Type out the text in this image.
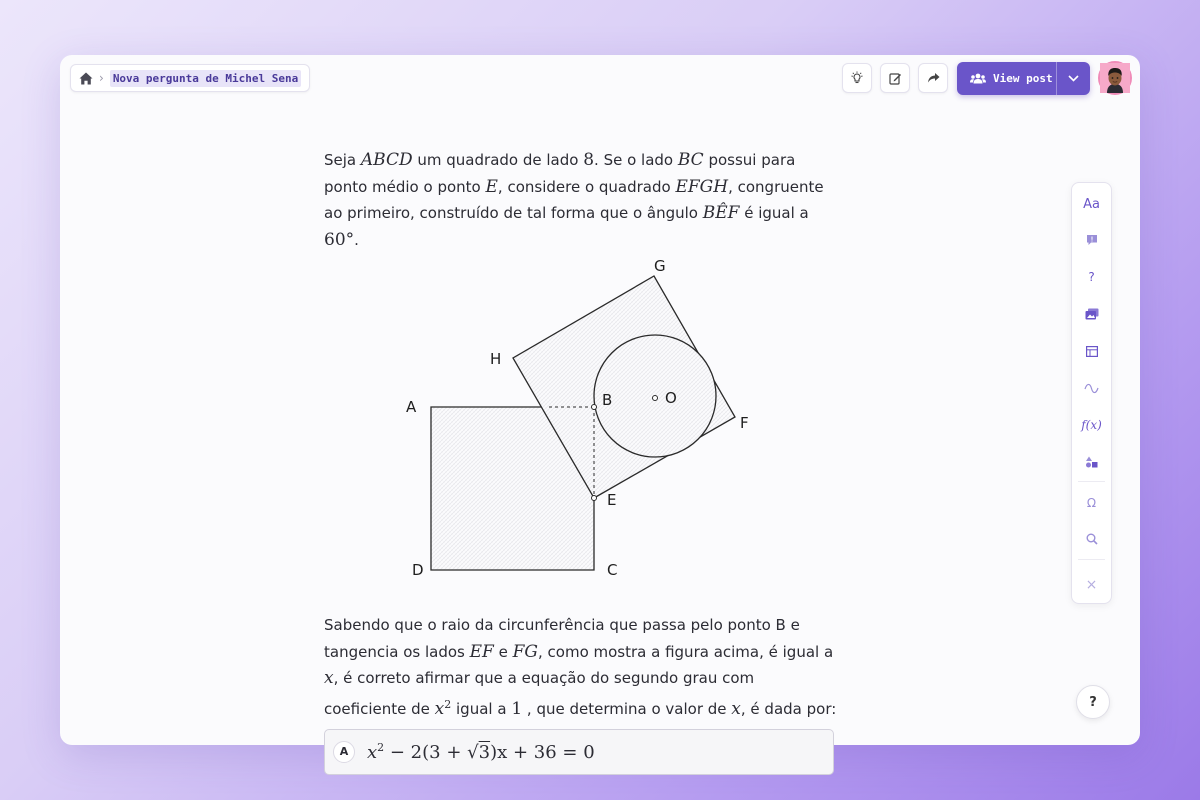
› Nova pergunta de Michel Sena	View post

Seja ABCD um quadrado de lado 8. Se o lado BC possui para ponto médio o ponto E, considere o quadrado EFGH, congruente ao primeiro, construído de tal forma que o ângulo BÊF é igual a 60°.

A	B
C
D
E
F
G
H
O

Sabendo que o raio da circunferência que passa pelo ponto B e tangencia os lados EF e FG, como mostra a figura acima, é igual a x, é correto afirmar que a equação do segundo grau com coeficiente de $x^2$ igual a 1 , que determina o valor de x, é dada por:

A	$x^2 - 2(3 + √3)x + 36 = 0$
Aa
?
f(x)
Ω
×
?
